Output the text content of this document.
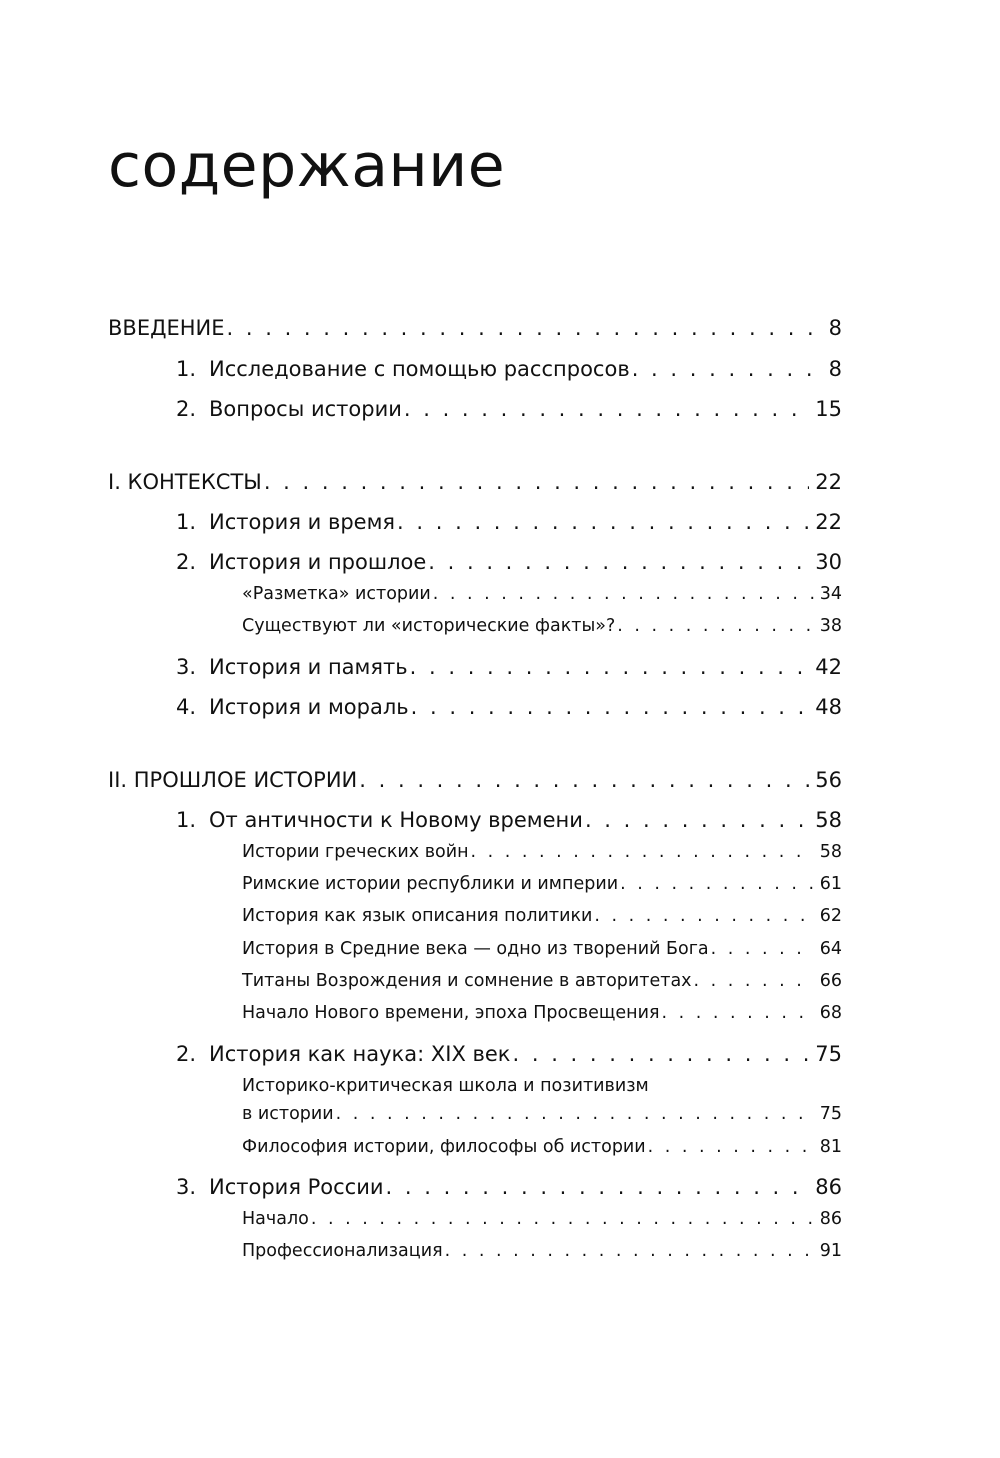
содержание
ВВЕДЕНИЕ . . .	8
1. Исследование с помощью расспросов . . .	8
2. Вопросы истории . . .	15
I. КОНТЕКСТЫ . . .	22
1. История и время . . .	22
2. История и прошлое . . .	30
«Разметка» истории . . .	34
Существуют ли «исторические факты»? . . .	38
3. История и память . . .	42
4. История и мораль . . .	48
II. ПРОШЛОЕ ИСТОРИИ . . .	56
1. От античности к Новому времени . . .	58
Истории греческих войн . . .	58
Римские истории республики и империи . . .	61
История как язык описания политики . . .	62
История в Средние века — одно из творений Бога . . .	64
Титаны Возрождения и сомнение в авторитетах . . .	66
Начало Нового времени, эпоха Просвещения . . .	68
2. История как наука: XIX век . . .	75
Историко-критическая школа и позитивизм
в истории . . .	75
Философия истории, философы об истории . . .	81
3. История России . . .	86
Начало . . .	86
Профессионализация . . .	91
